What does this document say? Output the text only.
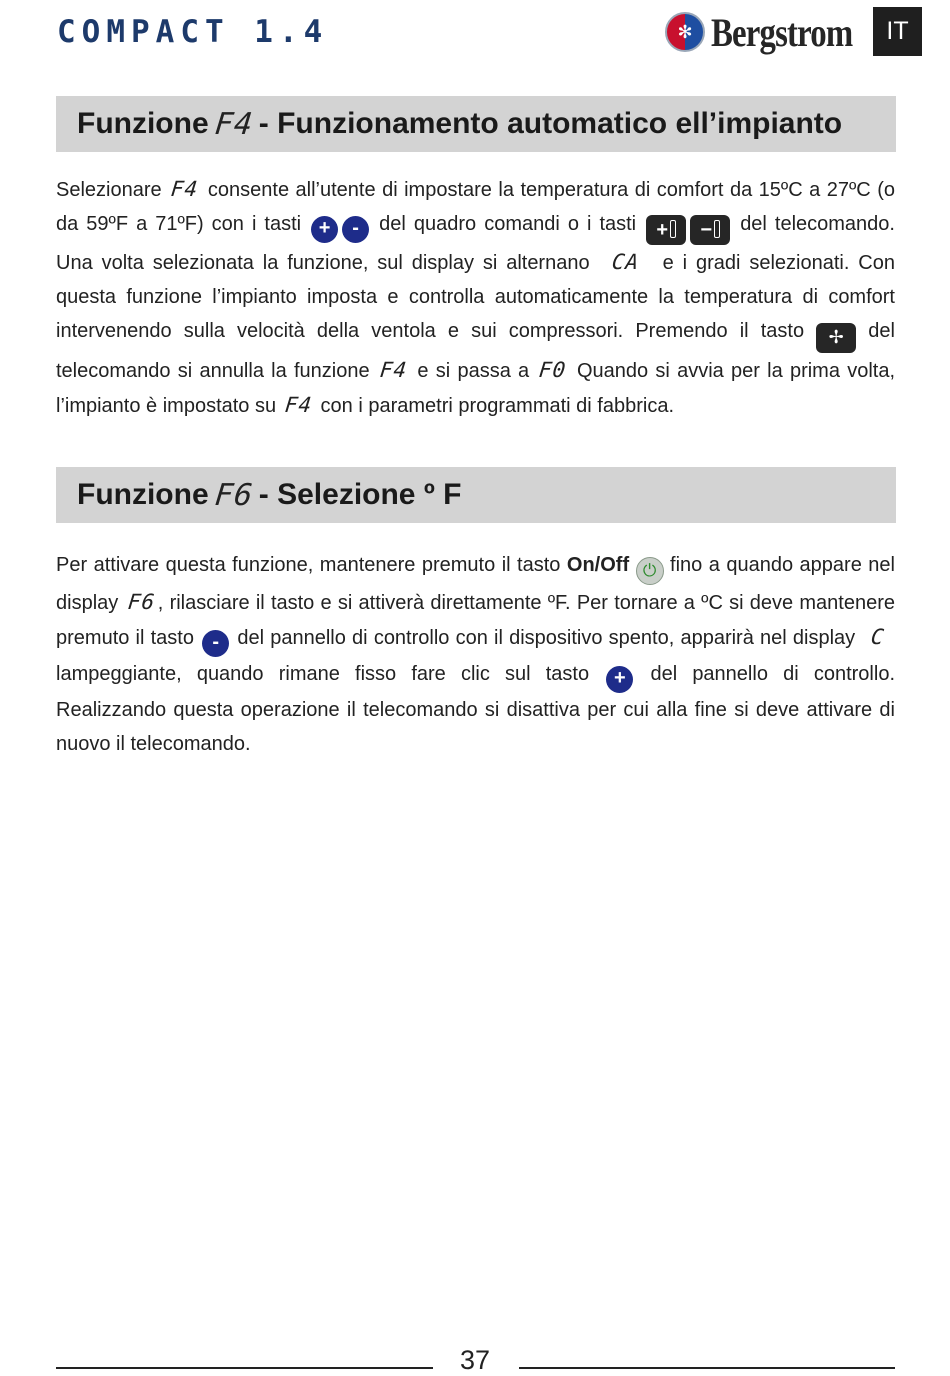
COMPACT 1.4	✻ Bergstrom	IT
Funzione F4 - Funzionamento automatico ell’impianto
Selezionare F4 consente all’utente di impostare la temperatura di comfort da 15ºC a 27ºC (o da 59ºF a 71ºF) con i tasti + - del quadro comandi o i tasti + − del telecomando. Una volta selezionata la funzione, sul display si alternano CA e i gradi selezionati. Con questa funzione l’impianto imposta e controlla automaticamente la temperatura di comfort intervenendo sulla velocità della ventola e sui compressori. Premendo il tasto ✢ del telecomando si annulla la funzione F4 e si passa a F0 Quando si avvia per la prima volta, l’impianto è impostato su F4 con i parametri programmati di fabbrica.
Funzione F6 - Selezione º F
Per attivare questa funzione, mantenere premuto il tasto On/Off ⏻ fino a quando appare nel display F6, rilasciare il tasto e si attiverà direttamente ºF. Per tornare a ºC si deve mantenere premuto il tasto - del pannello di controllo con il dispositivo spento, apparirà nel display C lampeggiante, quando rimane fisso fare clic sul tasto + del pannello di controllo. Realizzando questa operazione il telecomando si disattiva per cui alla fine si deve attivare di nuovo il telecomando.
37
